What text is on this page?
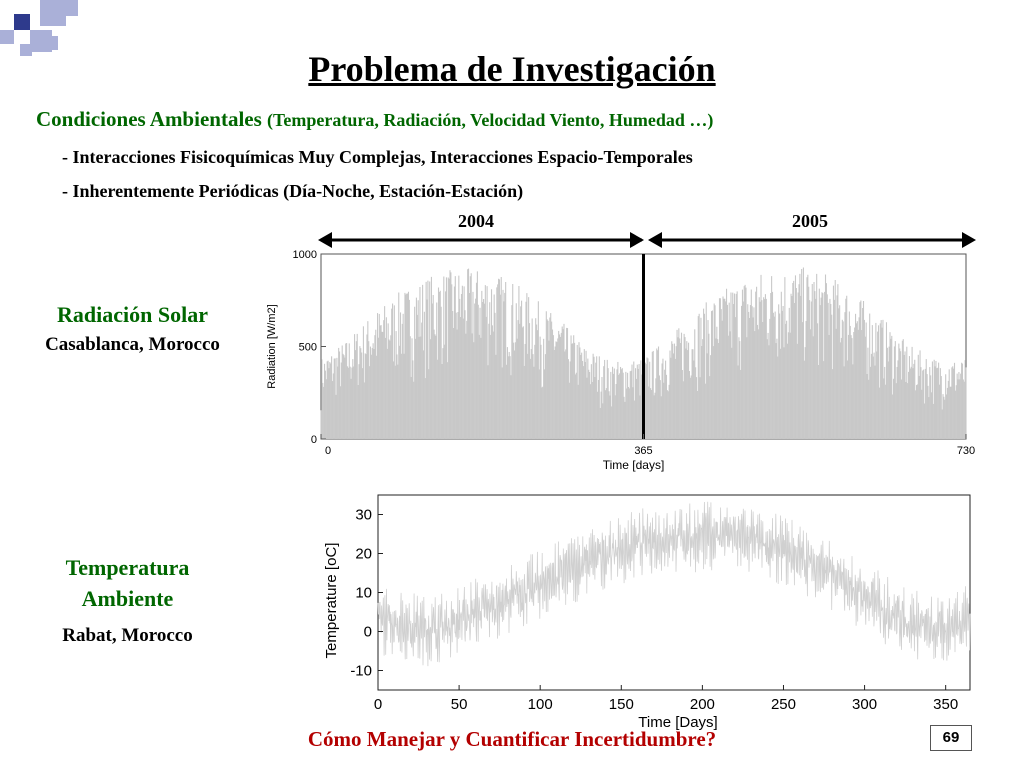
Problema de Investigación
Condiciones Ambientales (Temperatura, Radiación, Velocidad Viento, Humedad …)
- Interacciones Fisicoquímicas Muy Complejas, Interacciones Espacio-Temporales
- Inherentemente Periódicas (Día-Noche, Estación-Estación)
2004	2005
Radiación Solar
Casablanca, Morocco
Temperatura
Ambiente
Rabat, Morocco
0
500
1000
0	365	730
Time [days]
Radiation [W/m2]
-10
0
10
20
30
0	50	100	150	200	250	300	350
Time [Days]
Temperature [oC]
Cómo Manejar y Cuantificar Incertidumbre?	69
